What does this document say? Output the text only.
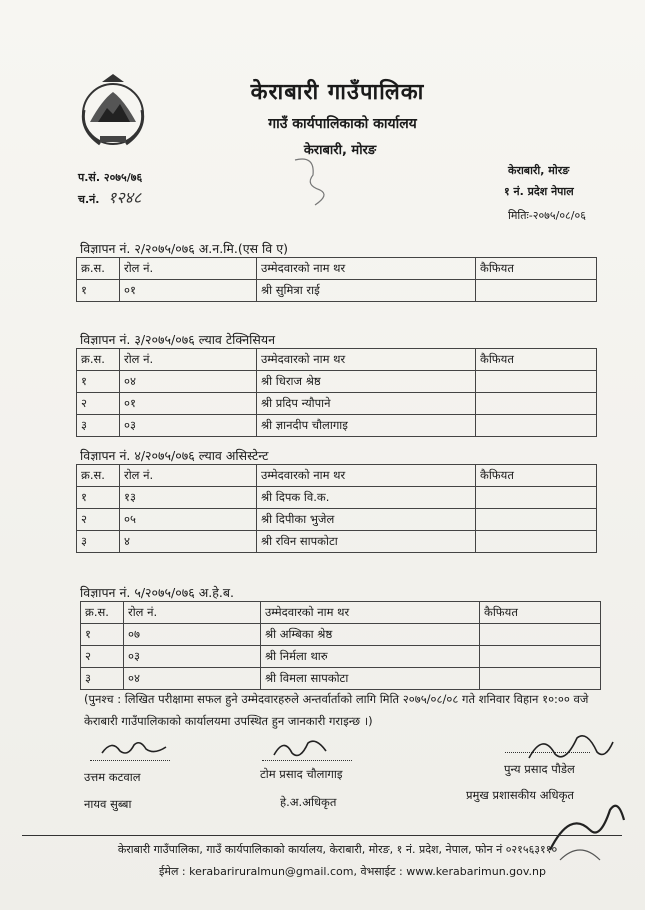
केराबारी गाउँपालिका
गाउँ कार्यपालिकाको कार्यालय
केराबारी, मोरङ
प.सं. २०७५/७६
च.नं. १२४८
केराबारी, मोरङ
१ नं. प्रदेश नेपाल
मितिः-२०७५/०८/०६
विज्ञापन नं. २/२०७५/०७६ अ.न.मि.(एस वि ए)
क्र.स.	रोल नं.	उम्मेदवारको नाम थर	कैफियत
१	०१	श्री सुमित्रा राई	
विज्ञापन नं. ३/२०७५/०७६ ल्याव टेक्निसियन
क्र.स.	रोल नं.	उम्मेदवारको नाम थर	कैफियत
१	०४	श्री धिराज श्रेष्ठ	
२	०१	श्री प्रदिप न्यौपाने	
३	०३	श्री ज्ञानदीप चौलागाइ	
विज्ञापन नं. ४/२०७५/०७६ ल्याव असिस्टेन्ट
क्र.स.	रोल नं.	उम्मेदवारको नाम थर	कैफियत
१	१३	श्री दिपक वि.क.	
२	०५	श्री दिपीका भुजेल	
३	४	श्री रविन सापकोटा	
विज्ञापन नं. ५/२०७५/०७६ अ.हे.ब.
क्र.स.	रोल नं.	उम्मेदवारको नाम थर	कैफियत
१	०७	श्री अम्बिका श्रेष्ठ	
२	०३	श्री निर्मला थारु	
३	०४	श्री विमला सापकोटा	
(पुनश्च : लिखित परीक्षामा सफल हुने उम्मेदवारहरुले अन्तर्वार्ताको लागि मिति २०७५/०८/०८ गते शनिवार विहान १०:०० वजे केराबारी गाउँपालिकाको कार्यालयमा उपस्थित हुन जानकारी गराइन्छ ।)
उत्तम कटवाल
नायव सुब्बा
टोम प्रसाद चौलागाइ
हे.अ.अधिकृत
पुन्य प्रसाद पौडेल
प्रमुख प्रशासकीय अधिकृत
केराबारी गाउँपालिका, गाउँ कार्यपालिकाको कार्यालय, केराबारी, मोरङ, १ नं. प्रदेश, नेपाल, फोन नं ०२१५६३११०
ईमेल : kerabariruralmun@gmail.com, वेभसाईट : www.kerabarimun.gov.np
